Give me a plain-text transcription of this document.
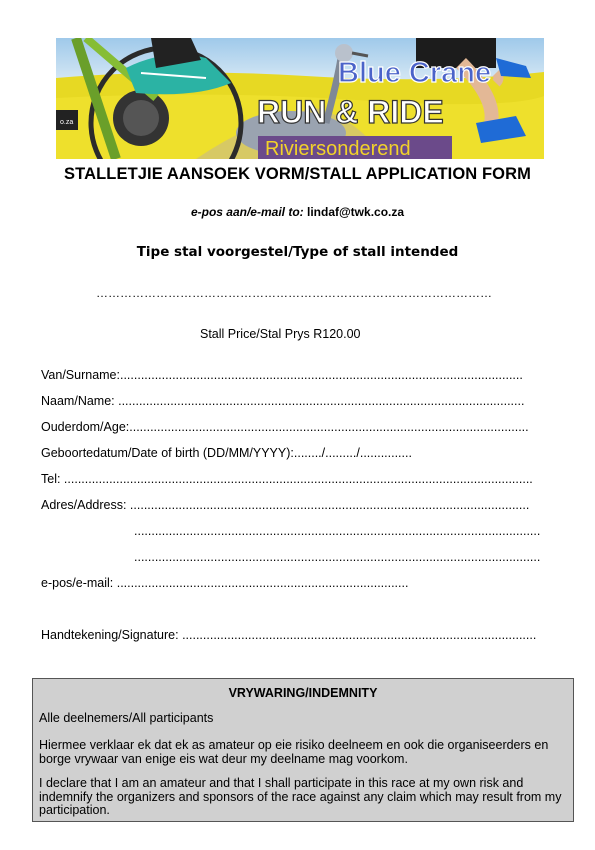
Blue Crane
RUN & RIDE
Riviersonderend
o.za
STALLETJIE AANSOEK VORM/STALL APPLICATION FORM
e-pos aan/e-mail to: lindaf@twk.co.za
Tipe stal voorgestel/Type of stall intended
………………………………………………………………………………………
Stall Price/Stal Prys R120.00
Van/Surname:....................................................................................................................
Naam/Name: .....................................................................................................................
Ouderdom/Age:...................................................................................................................
Geboortedatum/Date of birth (DD/MM/YYYY):......../........./...............
Tel: .......................................................................................................................................
Adres/Address: ...................................................................................................................
.....................................................................................................................
.....................................................................................................................
e-pos/e-mail: ....................................................................................
Handtekening/Signature: ......................................................................................................
VRYWARING/INDEMNITY
Alle deelnemers/All participants
Hiermee verklaar ek dat ek as amateur op eie risiko deelneem en ook die organiseerders en borge vrywaar van enige eis wat deur my deelname mag voorkom.
I declare that I am an amateur and that I shall participate in this race at my own risk and indemnify the organizers and sponsors of the race against any claim which may result from my participation.
